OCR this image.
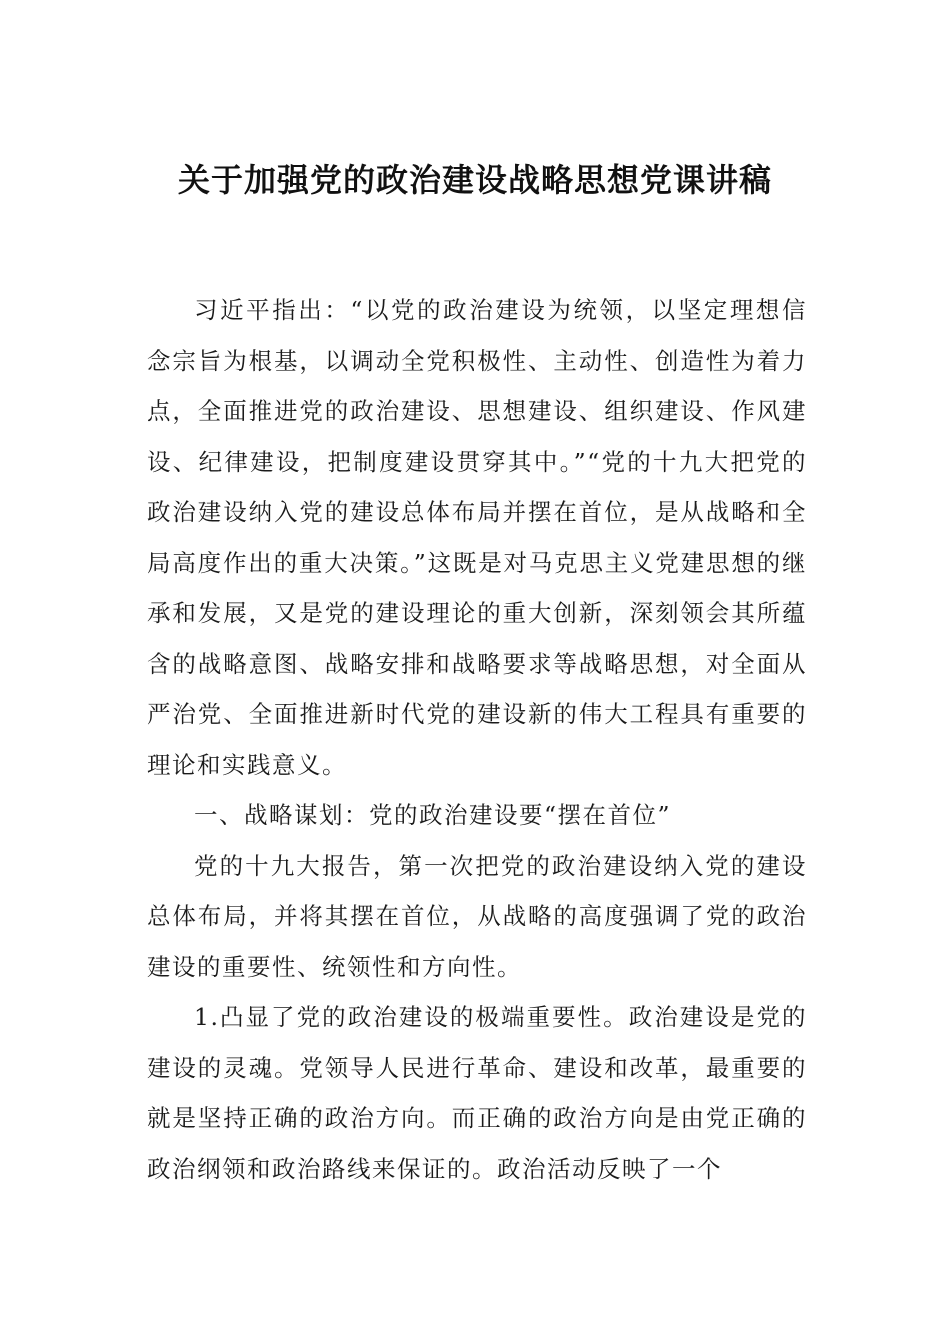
关于加强党的政治建设战略思想党课讲稿

习近平指出：“以党的政治建设为统领，以坚定理想信念宗旨为根基，以调动全党积极性、主动性、创造性为着力点，全面推进党的政治建设、思想建设、组织建设、作风建设、纪律建设，把制度建设贯穿其中。”“党的十九大把党的政治建设纳入党的建设总体布局并摆在首位，是从战略和全局高度作出的重大决策。”这既是对马克思主义党建思想的继承和发展，又是党的建设理论的重大创新，深刻领会其所蕴含的战略意图、战略安排和战略要求等战略思想，对全面从严治党、全面推进新时代党的建设新的伟大工程具有重要的理论和实践意义。

一、战略谋划：党的政治建设要“摆在首位”

党的十九大报告，第一次把党的政治建设纳入党的建设总体布局，并将其摆在首位，从战略的高度强调了党的政治建设的重要性、统领性和方向性。

1.凸显了党的政治建设的极端重要性。政治建设是党的建设的灵魂。党领导人民进行革命、建设和改革，最重要的就是坚持正确的政治方向。而正确的政治方向是由党正确的政治纲领和政治路线来保证的。政治活动反映了一个
